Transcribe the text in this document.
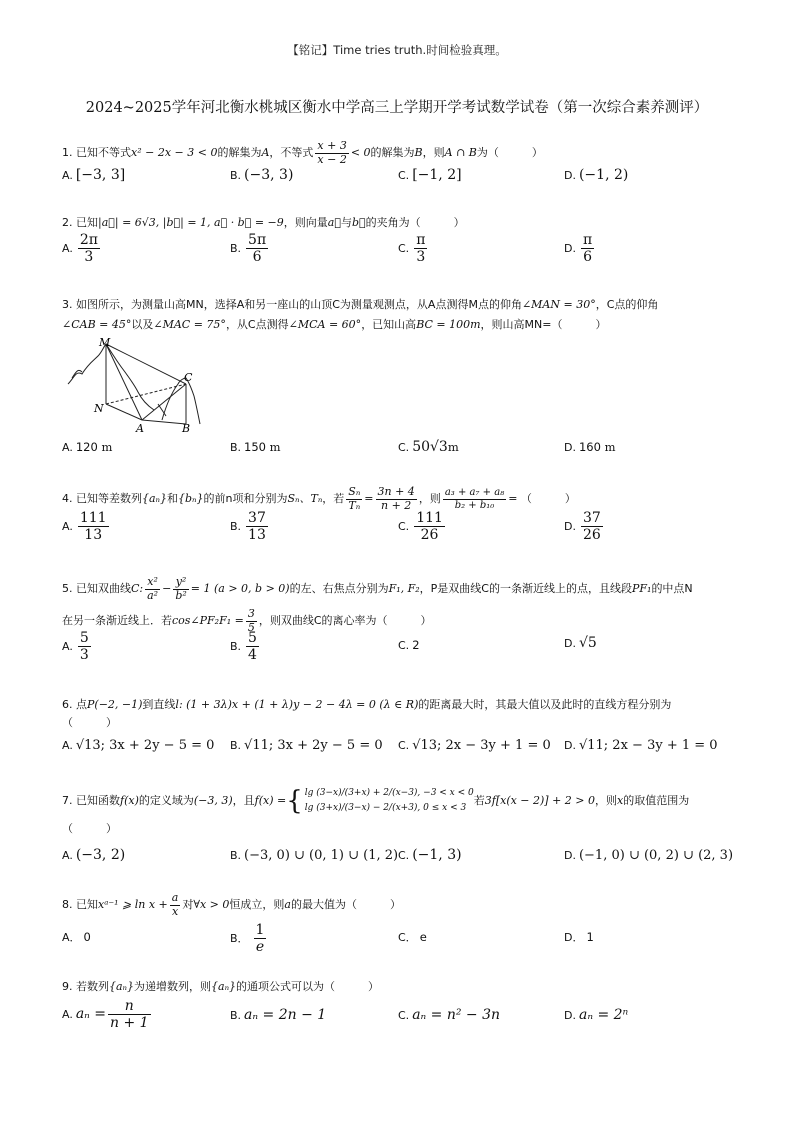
【铭记】Time tries truth.时间检验真理。
2024~2025学年河北衡水桃城区衡水中学高三上学期开学考试数学试卷（第一次综合素养测评）
1. 已知不等式x² − 2x − 3 < 0的解集为A，不等式 $\frac{x + 3}{x - 2} < 0$的解集为B，则A ∩ B为（　　　）
A. [−3, 3]	B. (−3, 3)	C. [−1, 2]	D. (−1, 2)
2. 已知|a⃗| = 6√3, |b⃗| = 1, a⃗ · b⃗ = −9，则向量a⃗与b⃗的夹角为（　　　）
A. $\frac{2\pi}{3}$	B. $\frac{5\pi}{6}$	C. $\frac{\pi}{3}$	D. $\frac{\pi}{6}$
3. 如图所示，为测量山高MN，选择A和另一座山的山顶C为测量观测点，从A点测得M点的仰角∠MAN = 30°，C点的仰角
∠CAB = 45°以及∠MAC = 75°，从C点测得∠MCA = 60°，已知山高BC = 100m，则山高MN=（　　　）
M
C
N
A	B
A. 120 m	B. 150 m	C. 50√3m	D. 160 m
4. 已知等差数列{aₙ}和{bₙ}的前n项和分别为Sₙ、Tₙ，若 $\frac{\text{Sₙ}}{\text{Tₙ}} = \frac{3n + 4}{n + 2}$ ，则 $\frac{\text{a₃ + a₇ + a₈}}{\text{b₂ + b₁₀}}$ = （　　　）
A. $\frac{111}{13}$	B. $\frac{37}{13}$	C. $\frac{111}{26}$	D. $\frac{37}{26}$
5. 已知双曲线C: $\frac{\text{x²}}{\text{a²}} - \frac{\text{y²}}{\text{b²}} = 1$ (a > 0, b > 0)的左、右焦点分别为F₁, F₂，P是双曲线C的一条渐近线上的点，且线段PF₁的中点N
在另一条渐近线上．若cos∠PF₂F₁ = $\frac{3}{5}$ ，则双曲线C的离心率为（　　　）
A. $\frac{5}{3}$	B. $\frac{5}{4}$	C. 2	D. √5
6. 点P(−2, −1)到直线l: (1 + 3λ)x + (1 + λ)y − 2 − 4λ = 0 (λ ∈ R)的距离最大时，其最大值以及此时的直线方程分别为
（　　　）
A. √13; 3x + 2y − 5 = 0 B. √11; 3x + 2y − 5 = 0 C. √13; 2x − 3y + 1 = 0 D. √11; 2x − 3y + 1 = 0
7. 已知函数f(x)的定义域为(−3, 3)，且f(x) ={ lg (3−x)/(3+x) + 2/(x−3), −3 < x < 0
lg (3+x)/(3−x) − 2/(x+3), 0 ≤ x < 3
若3f[x(x − 2)] + 2 > 0，则x的取值范围为
（　　　）
A. (−3, 2)	B. (−3, 0) ∪ (0, 1) ∪ (1, 2) C. (−1, 3)	D. (−1, 0) ∪ (0, 2) ∪ (2, 3)
8. 已知xᵃ⁻¹ ⩾ $\ln x + \frac{a}{x}$ 对∀x > 0恒成立，则a的最大值为（　　　）
A． 0	B． $\frac{1}{e}$	C． e	D． 1
9. 若数列{aₙ}为递增数列，则{aₙ}的通项公式可以为（　　　）
A. $a_n = \frac{n}{n + 1}$	B. aₙ = 2n − 1	C. aₙ = n² − 3n	D. aₙ = 2ⁿ
